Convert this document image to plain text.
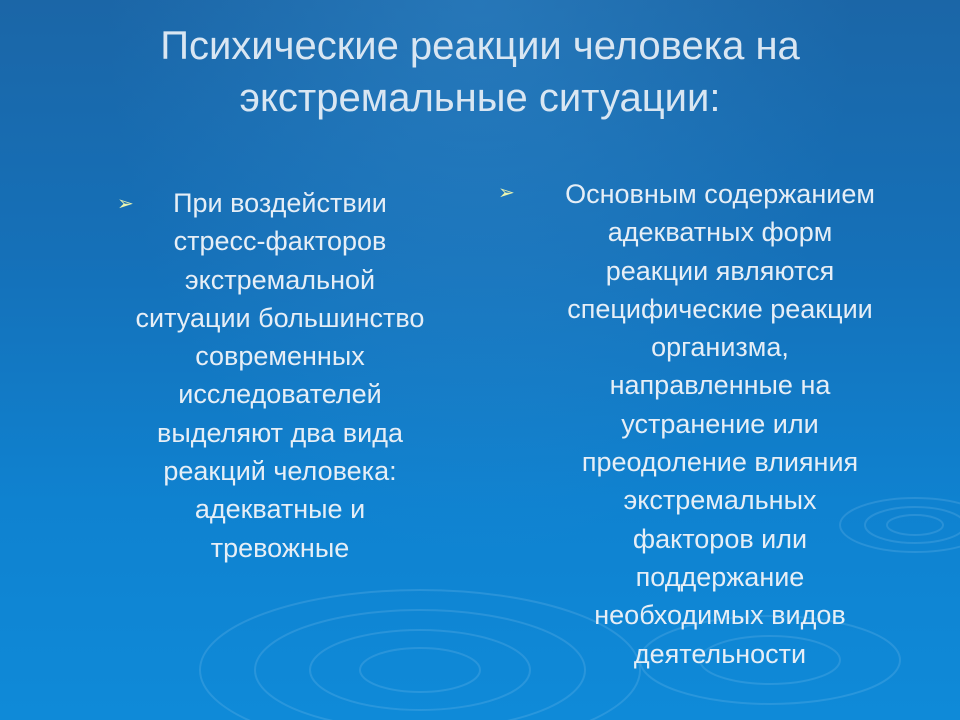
Психические реакции человека на
экстремальные ситуации:
➢	При воздействии
стресс-факторов
экстремальной
ситуации большинство
современных
исследователей
выделяют два вида
реакций человека:
адекватные и
тревожные
➢	Основным содержанием
адекватных форм
реакции являются
специфические реакции
организма,
направленные на
устранение или
преодоление влияния
экстремальных
факторов или
поддержание
необходимых видов
деятельности
